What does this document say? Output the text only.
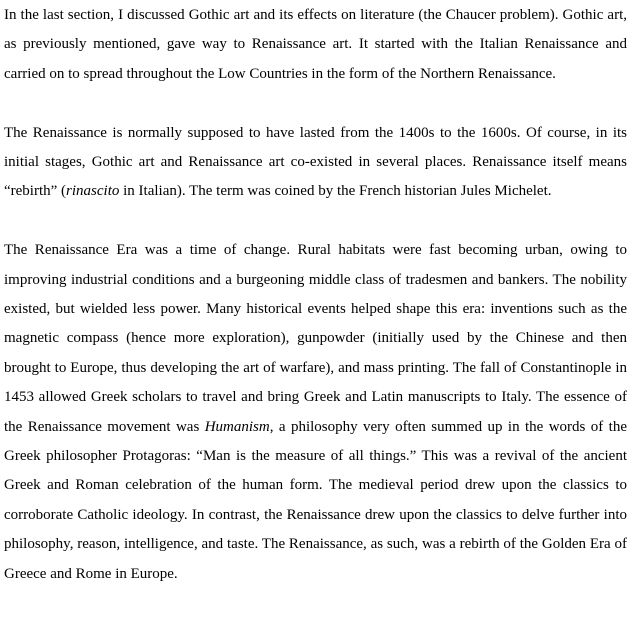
In the last section, I discussed Gothic art and its effects on literature (the Chaucer problem). Gothic art, as previously mentioned, gave way to Renaissance art. It started with the Italian Renaissance and carried on to spread throughout the Low Countries in the form of the Northern Renaissance.

The Renaissance is normally supposed to have lasted from the 1400s to the 1600s. Of course, in its initial stages, Gothic art and Renaissance art co-existed in several places. Renaissance itself means “rebirth” (rinascito in Italian). The term was coined by the French historian Jules Michelet.

The Renaissance Era was a time of change. Rural habitats were fast becoming urban, owing to improving industrial conditions and a burgeoning middle class of tradesmen and bankers. The nobility existed, but wielded less power. Many historical events helped shape this era: inventions such as the magnetic compass (hence more exploration), gunpowder (initially used by the Chinese and then brought to Europe, thus developing the art of warfare), and mass printing. The fall of Constantinople in 1453 allowed Greek scholars to travel and bring Greek and Latin manuscripts to Italy. The essence of the Renaissance movement was Humanism, a philosophy very often summed up in the words of the Greek philosopher Protagoras: “Man is the measure of all things.” This was a revival of the ancient Greek and Roman celebration of the human form. The medieval period drew upon the classics to corroborate Catholic ideology. In contrast, the Renaissance drew upon the classics to delve further into philosophy, reason, intelligence, and taste. The Renaissance, as such, was a rebirth of the Golden Era of Greece and Rome in Europe.
